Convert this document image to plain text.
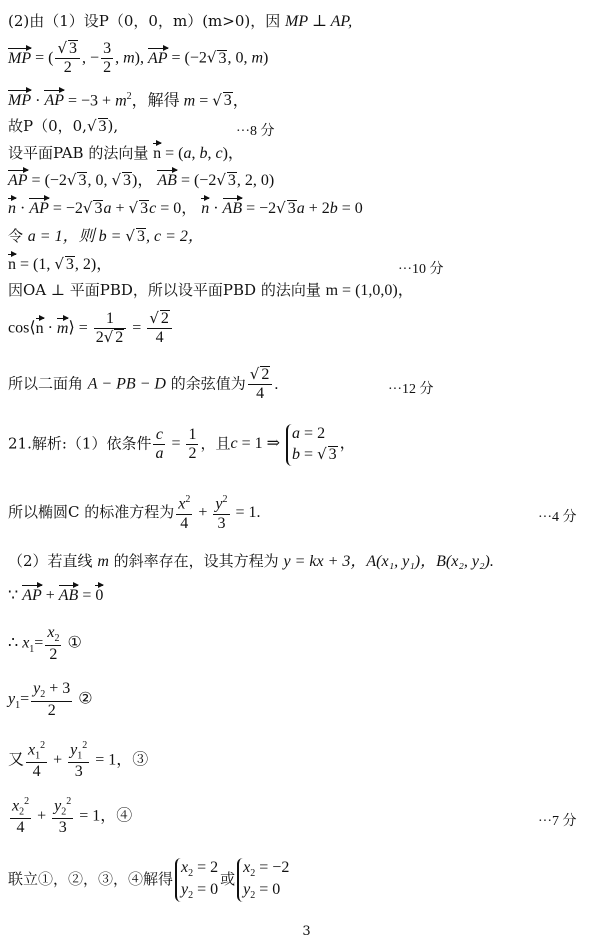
(2)由（1）设P（0，0，m）(m>0)，因 MP ⊥ AP,
MP = ( $\frac{√ 3}{2}$ , − $\frac{3}{2}$ , m), AP = (−2√ 3, 0, m)
MP · AP = $-3 + m^2$，解得 m = √ 3，
故P（0，0,√ 3),	···8 分
设平面PAB 的法向量 n = (a, b, c)，
AP = (−2√ 3, 0, √ 3)， AB = (−2√ 3, 2, 0)
n · AP = −2√ 3a + √ 3c = 0， n · AB = −2√ 3a + 2b = 0
令 a = 1，则 b = √ 3, c = 2，
n = (1, √ 3, 2)，	···10 分
因OA ⊥ 平面PBD，所以设平面PBD 的法向量 m = (1,0,0)，
cos⟨n · m⟩ = $\frac{1}{2√ 2} = \frac{√ 2}{4}$
所以二面角 A − PB − D 的余弦值为 $\frac{√ 2}{4}$ .	···12 分
21.解析:（1）依条件 $\frac{c}{a} = \frac{1}{2}$ ，且c = 1 ⇒ a = 2
b = √ 3，
所以椭圆C 的标准方程为 $\frac{x^2}{4} + \frac{y^2}{3} = 1$.	···4 分
（2）若直线 m 的斜率存在，设其方程为 y = kx + 3，A(x₁, y₁)，B(x₂, y₂).
∵ AP + AB = 0
∴ $x_1= \frac{x_2}{2}$ ①
$y_1= \frac{y_2 + 3}{2}$ ②
又 $\frac{x_1^2}{4} + \frac{y_1^2}{3} = 1$，③
$\frac{x_2^2}{4} + \frac{y_2^2}{3} = 1$，④	···7 分
联立①，②，③，④解得$x_2 = 2$
$y_2 = 0$或$x_2 = -2$
$y_2 = 0$
3
